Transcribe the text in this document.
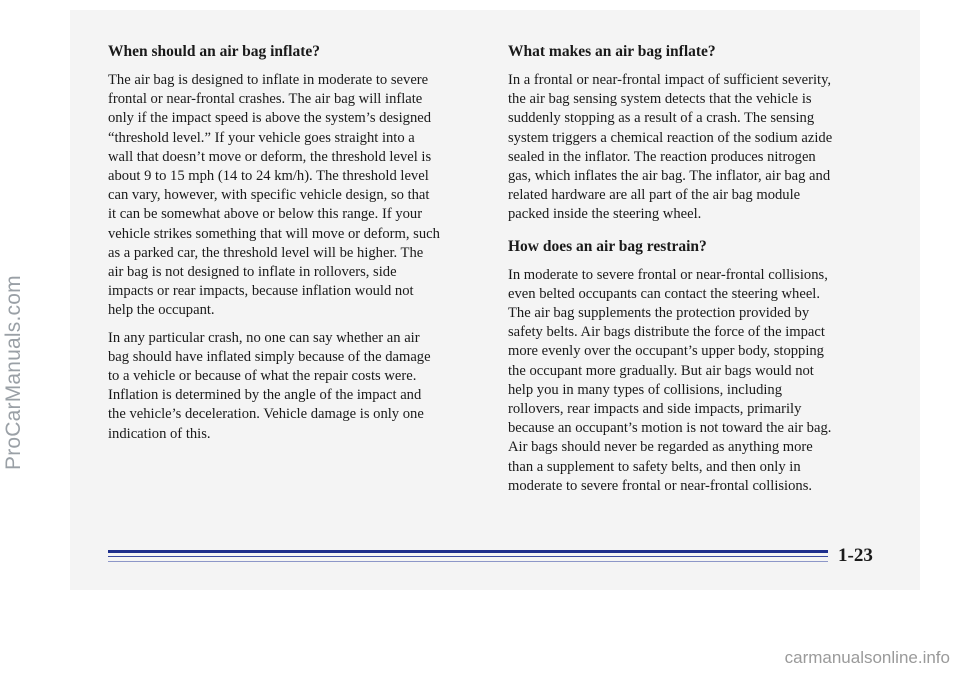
When should an air bag inflate?

The air bag is designed to inflate in moderate to severe
frontal or near-frontal crashes. The air bag will inflate
only if the impact speed is above the system’s designed
“threshold level.” If your vehicle goes straight into a
wall that doesn’t move or deform, the threshold level is
about 9 to 15 mph (14 to 24 km/h). The threshold level
can vary, however, with specific vehicle design, so that
it can be somewhat above or below this range. If your
vehicle strikes something that will move or deform, such
as a parked car, the threshold level will be higher. The
air bag is not designed to inflate in rollovers, side
impacts or rear impacts, because inflation would not
help the occupant.

In any particular crash, no one can say whether an air
bag should have inflated simply because of the damage
to a vehicle or because of what the repair costs were.
Inflation is determined by the angle of the impact and
the vehicle’s deceleration. Vehicle damage is only one
indication of this.

What makes an air bag inflate?

In a frontal or near-frontal impact of sufficient severity,
the air bag sensing system detects that the vehicle is
suddenly stopping as a result of a crash. The sensing
system triggers a chemical reaction of the sodium azide
sealed in the inflator. The reaction produces nitrogen
gas, which inflates the air bag. The inflator, air bag and
related hardware are all part of the air bag module
packed inside the steering wheel.

How does an air bag restrain?

In moderate to severe frontal or near-frontal collisions,
even belted occupants can contact the steering wheel.
The air bag supplements the protection provided by
safety belts. Air bags distribute the force of the impact
more evenly over the occupant’s upper body, stopping
the occupant more gradually. But air bags would not
help you in many types of collisions, including
rollovers, rear impacts and side impacts, primarily
because an occupant’s motion is not toward the air bag.
Air bags should never be regarded as anything more
than a supplement to safety belts, and then only in
moderate to severe frontal or near-frontal collisions.

1-23
ProCarManuals.com
carmanualsonline.info
